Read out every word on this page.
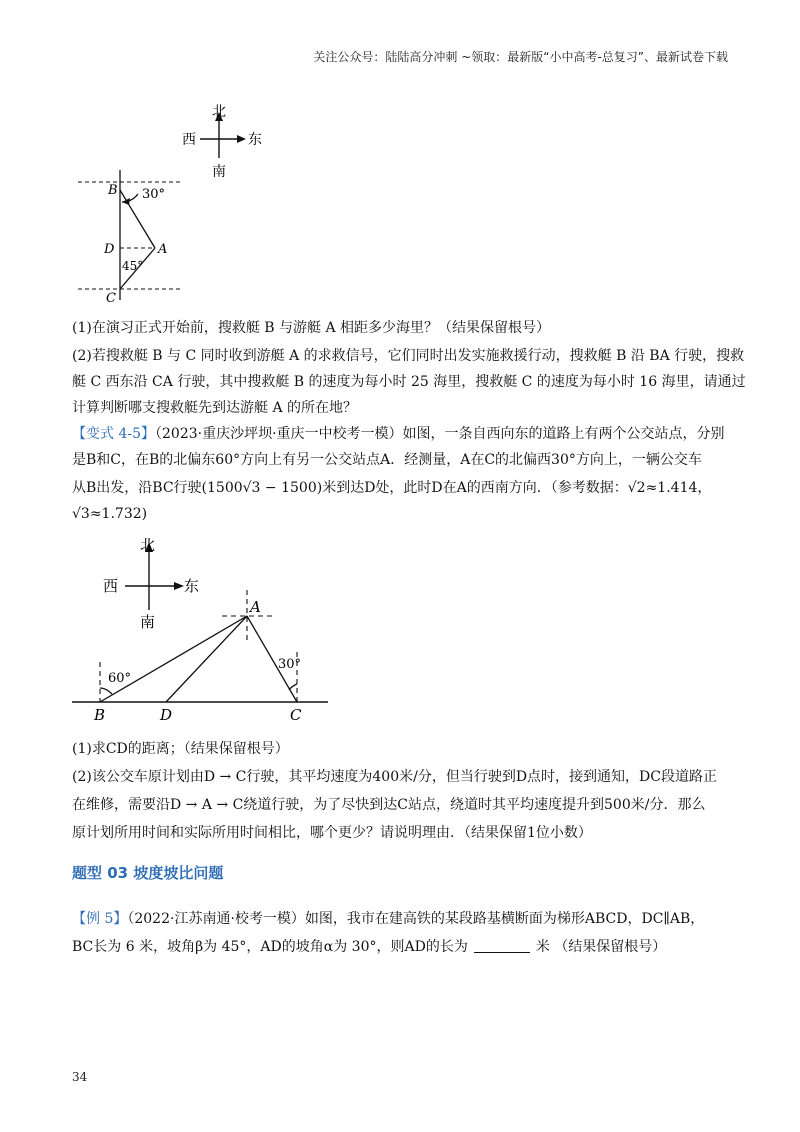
关注公众号：陆陆高分冲刺 ~领取：最新版“小中高考-总复习”、最新试卷下载
北
西	东
南
B 30°
D	A
45°
C
(1)在演习正式开始前，搜救艇 B 与游艇 A 相距多少海里？（结果保留根号）
(2)若搜救艇 B 与 C 同时收到游艇 A 的求救信号，它们同时出发实施救援行动，搜救艇 B 沿 BA 行驶，搜救
艇 C 西东沿 CA 行驶，其中搜救艇 B 的速度为每小时 25 海里，搜救艇 C 的速度为每小时 16 海里，请通过
计算判断哪支搜救艇先到达游艇 A 的所在地？
【变式 4-5】（2023·重庆沙坪坝·重庆一中校考一模）如图，一条自西向东的道路上有两个公交站点，分别
是B和C，在B的北偏东60°方向上有另一公交站点A．经测量，A在C的北偏西30°方向上，一辆公交车
从B出发，沿BC行驶(1500√3 − 1500)米到达D处，此时D在A的西南方向．（参考数据：√2≈1.414，
√3≈1.732)
北
西	东
南
A
60°
30°
B	D	C
(1)求CD的距离；（结果保留根号）
(2)该公交车原计划由D → C行驶，其平均速度为400米/分，但当行驶到D点时，接到通知，DC段道路正
在维修，需要沿D → A → C绕道行驶，为了尽快到达C站点，绕道时其平均速度提升到500米/分．那么
原计划所用时间和实际所用时间相比，哪个更少？请说明理由．（结果保留1位小数）
题型 03 坡度坡比问题
【例 5】（2022·江苏南通·校考一模）如图，我市在建高铁的某段路基横断面为梯形ABCD，DC∥AB，
BC长为 6 米，坡角β为 45°，AD的坡角α为 30°，则AD的长为	米 （结果保留根号）
34
